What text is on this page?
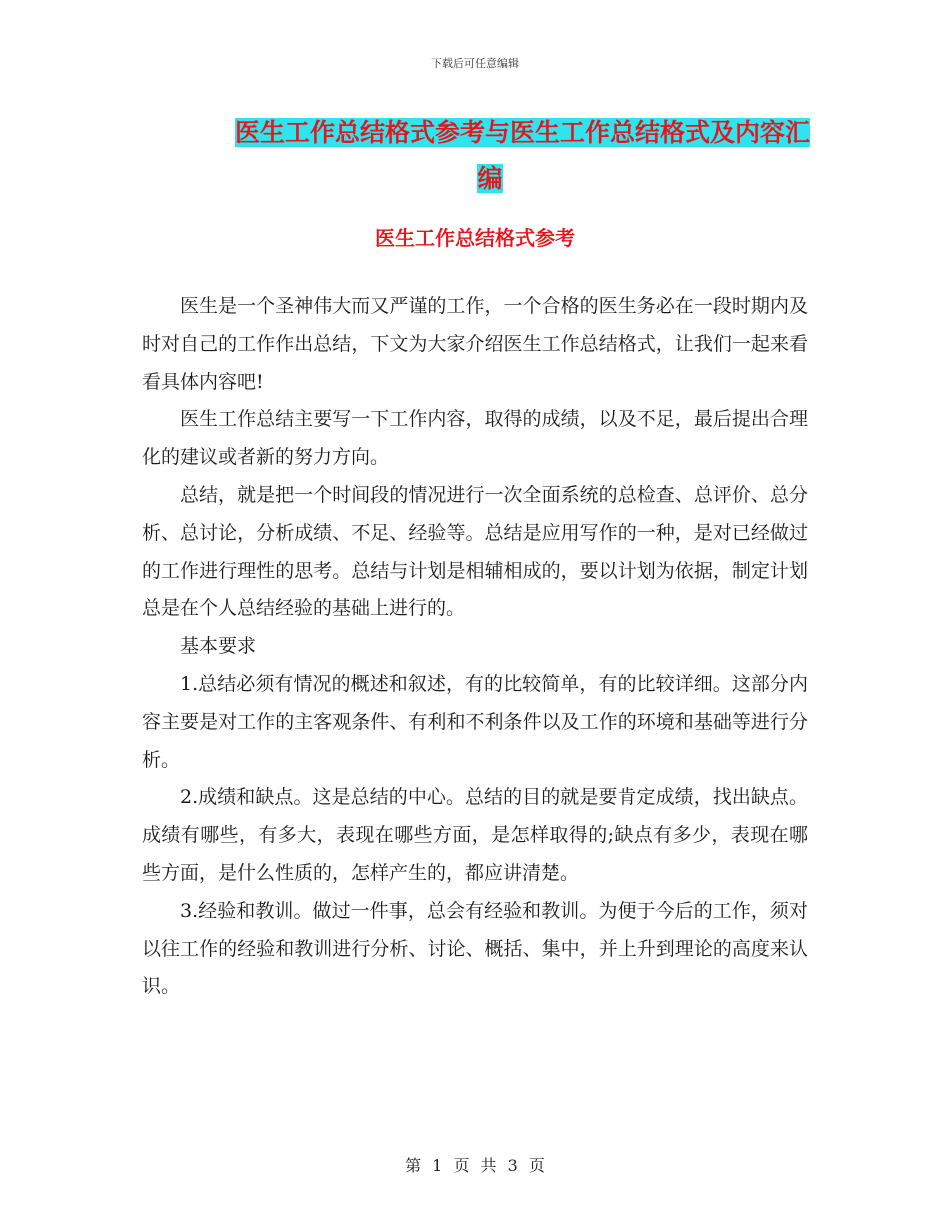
下载后可任意编辑
医生工作总结格式参考与医生工作总结格式及内容汇
编
医生工作总结格式参考

医生是一个圣神伟大而又严谨的工作，一个合格的医生务必在一段时期内及时对自己的工作作出总结，下文为大家介绍医生工作总结格式，让我们一起来看看具体内容吧!

医生工作总结主要写一下工作内容，取得的成绩，以及不足，最后提出合理化的建议或者新的努力方向。

总结，就是把一个时间段的情况进行一次全面系统的总检查、总评价、总分析、总讨论，分析成绩、不足、经验等。总结是应用写作的一种，是对已经做过的工作进行理性的思考。总结与计划是相辅相成的，要以计划为依据，制定计划总是在个人总结经验的基础上进行的。

基本要求

1.总结必须有情况的概述和叙述，有的比较简单，有的比较详细。这部分内容主要是对工作的主客观条件、有利和不利条件以及工作的环境和基础等进行分析。

2.成绩和缺点。这是总结的中心。总结的目的就是要肯定成绩，找出缺点。成绩有哪些，有多大，表现在哪些方面，是怎样取得的;缺点有多少，表现在哪些方面，是什么性质的，怎样产生的，都应讲清楚。

3.经验和教训。做过一件事，总会有经验和教训。为便于今后的工作，须对以往工作的经验和教训进行分析、讨论、概括、集中，并上升到理论的高度来认识。

第 1 页 共 3 页
